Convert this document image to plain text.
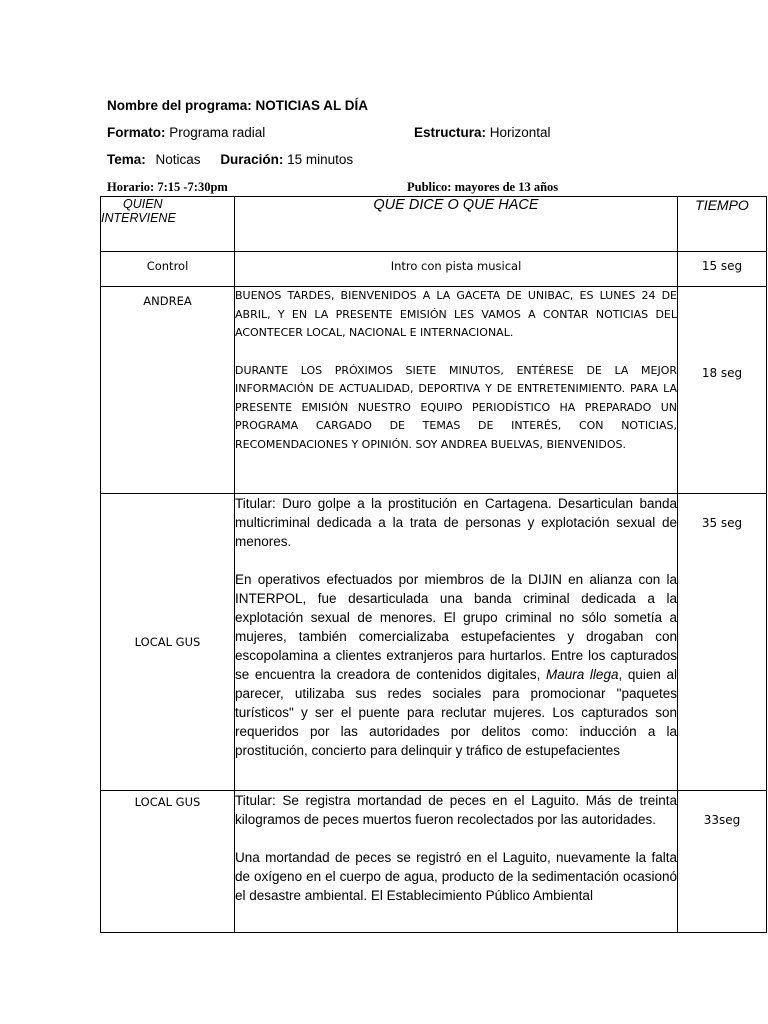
Nombre del programa: NOTICIAS AL DÍA
Formato: Programa radial	Estructura: Horizontal
Tema: Noticas Duración: 15 minutos
Horario: 7:15 -7:30pm	Publico: mayores de 13 años
QUIEN
INTERVIENE	QUE DICE O QUE HACE	TIEMPO
Control	Intro con pista musical	15 seg
ANDREA	BUENOS TARDES, BIENVENIDOS A LA GACETA DE UNIBAC, ES LUNES 24 DE ABRIL, Y EN LA PRESENTE EMISIÓN LES VAMOS A CONTAR NOTICIAS DEL ACONTECER LOCAL, NACIONAL E INTERNACIONAL.

DURANTE LOS PRÓXIMOS SIETE MINUTOS, ENTÉRESE DE LA MEJOR INFORMACIÓN DE ACTUALIDAD, DEPORTIVA Y DE ENTRETENIMIENTO. PARA LA PRESENTE EMISIÓN NUESTRO EQUIPO PERIODÍSTICO HA PREPARADO UN PROGRAMA CARGADO DE TEMAS DE INTERÉS, CON NOTICIAS, RECOMENDACIONES Y OPINIÓN. SOY ANDREA BUELVAS, BIENVENIDOS.	18 seg
LOCAL GUS	Titular: Duro golpe a la prostitución en Cartagena. Desarticulan banda multicriminal dedicada a la trata de personas y explotación sexual de menores.

En operativos efectuados por miembros de la DIJIN en alianza con la INTERPOL, fue desarticulada una banda criminal dedicada a la explotación sexual de menores. El grupo criminal no sólo sometía a mujeres, también comercializaba estupefacientes y drogaban con escopolamina a clientes extranjeros para hurtarlos. Entre los capturados se encuentra la creadora de contenidos digitales, Maura llega, quien al parecer, utilizaba sus redes sociales para promocionar "paquetes turísticos" y ser el puente para reclutar mujeres. Los capturados son requeridos por las autoridades por delitos como: inducción a la prostitución, concierto para delinquir y tráfico de estupefacientes	35 seg
LOCAL GUS	Titular: Se registra mortandad de peces en el Laguito. Más de treinta kilogramos de peces muertos fueron recolectados por las autoridades.

Una mortandad de peces se registró en el Laguito, nuevamente la falta de oxígeno en el cuerpo de agua, producto de la sedimentación ocasionó el desastre ambiental. El Establecimiento Público Ambiental	33seg
